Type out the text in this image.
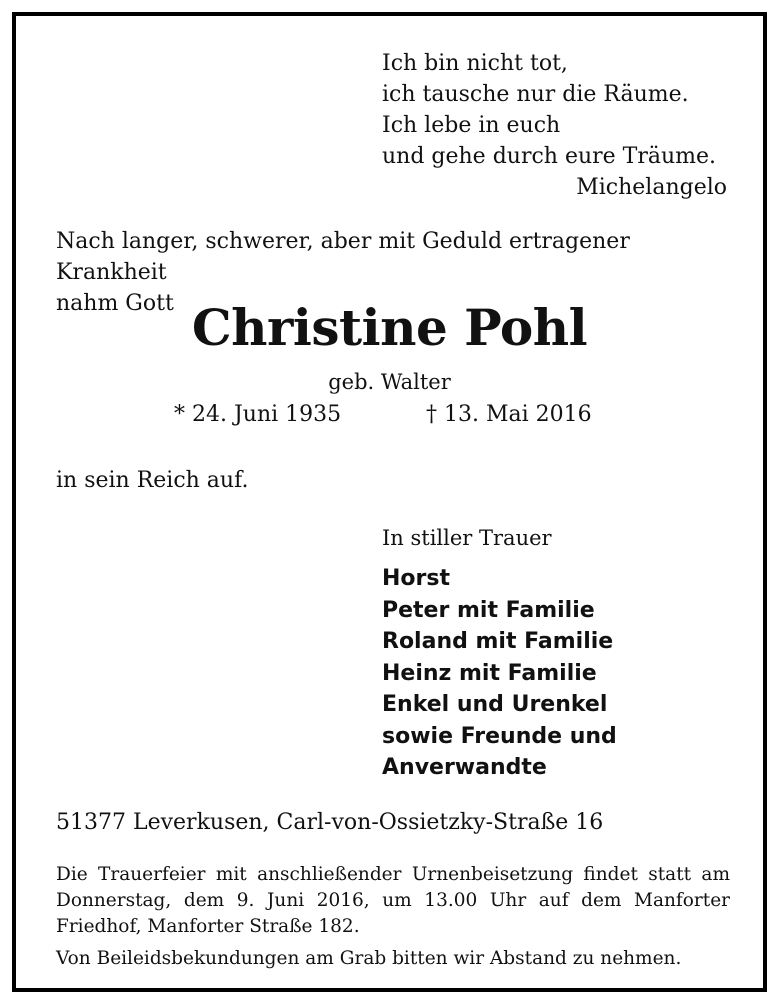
Ich bin nicht tot,
ich tausche nur die Räume.
Ich lebe in euch
und gehe durch eure Träume.
Michelangelo
Nach langer, schwerer, aber mit Geduld ertragener Krankheit
nahm Gott Christine Pohl
geb. Walter
* 24. Juni 1935	† 13. Mai 2016
in sein Reich auf.
In stiller Trauer
Horst
Peter mit Familie
Roland mit Familie
Heinz mit Familie
Enkel und Urenkel
sowie Freunde und
Anverwandte
51377 Leverkusen, Carl-von-Ossietzky-Straße 16
Die Trauerfeier mit anschließender Urnenbeisetzung findet statt am
Donnerstag, dem 9. Juni 2016, um 13.00 Uhr auf dem Manforter
Friedhof, Manforter Straße 182.
Von Beileidsbekundungen am Grab bitten wir Abstand zu nehmen.
